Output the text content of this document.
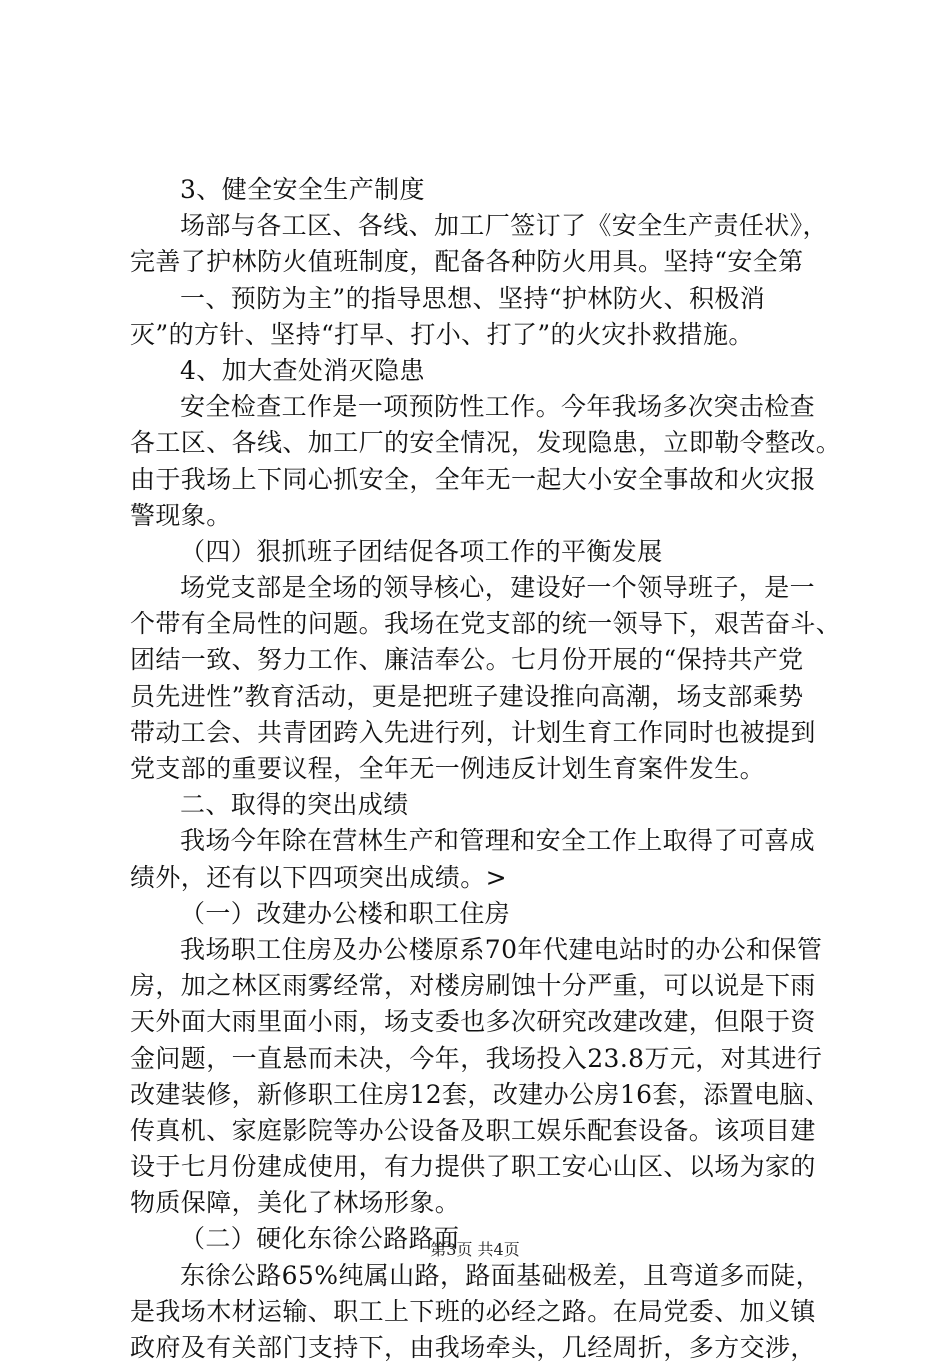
3、健全安全生产制度
场部与各工区、各线、加工厂签订了《安全生产责任状》，
完善了护林防火值班制度，配备各种防火用具。坚持“安全第
一、预防为主”的指导思想、坚持“护林防火、积极消
灭”的方针、坚持“打早、打小、打了”的火灾扑救措施。
4、加大查处消灭隐患
安全检查工作是一项预防性工作。今年我场多次突击检查
各工区、各线、加工厂的安全情况，发现隐患，立即勒令整改。
由于我场上下同心抓安全，全年无一起大小安全事故和火灾报
警现象。
（四）狠抓班子团结促各项工作的平衡发展
场党支部是全场的领导核心，建设好一个领导班子，是一
个带有全局性的问题。我场在党支部的统一领导下，艰苦奋斗、
团结一致、努力工作、廉洁奉公。七月份开展的“保持共产党
员先进性”教育活动，更是把班子建设推向高潮，场支部乘势
带动工会、共青团跨入先进行列，计划生育工作同时也被提到
党支部的重要议程，全年无一例违反计划生育案件发生。
二、取得的突出成绩
我场今年除在营林生产和管理和安全工作上取得了可喜成
绩外，还有以下四项突出成绩。>
（一）改建办公楼和职工住房
我场职工住房及办公楼原系70年代建电站时的办公和保管
房，加之林区雨雾经常，对楼房刷蚀十分严重，可以说是下雨
天外面大雨里面小雨，场支委也多次研究改建改建，但限于资
金问题，一直悬而未决，今年，我场投入23.8万元，对其进行
改建装修，新修职工住房12套，改建办公房16套，添置电脑、
传真机、家庭影院等办公设备及职工娱乐配套设备。该项目建
设于七月份建成使用，有力提供了职工安心山区、以场为家的
物质保障，美化了林场形象。
（二）硬化东徐公路路面
东徐公路65%纯属山路，路面基础极差，且弯道多而陡，
是我场木材运输、职工上下班的必经之路。在局党委、加义镇
政府及有关部门支持下，由我场牵头，几经周折，多方交涉，
第3页 共4页
